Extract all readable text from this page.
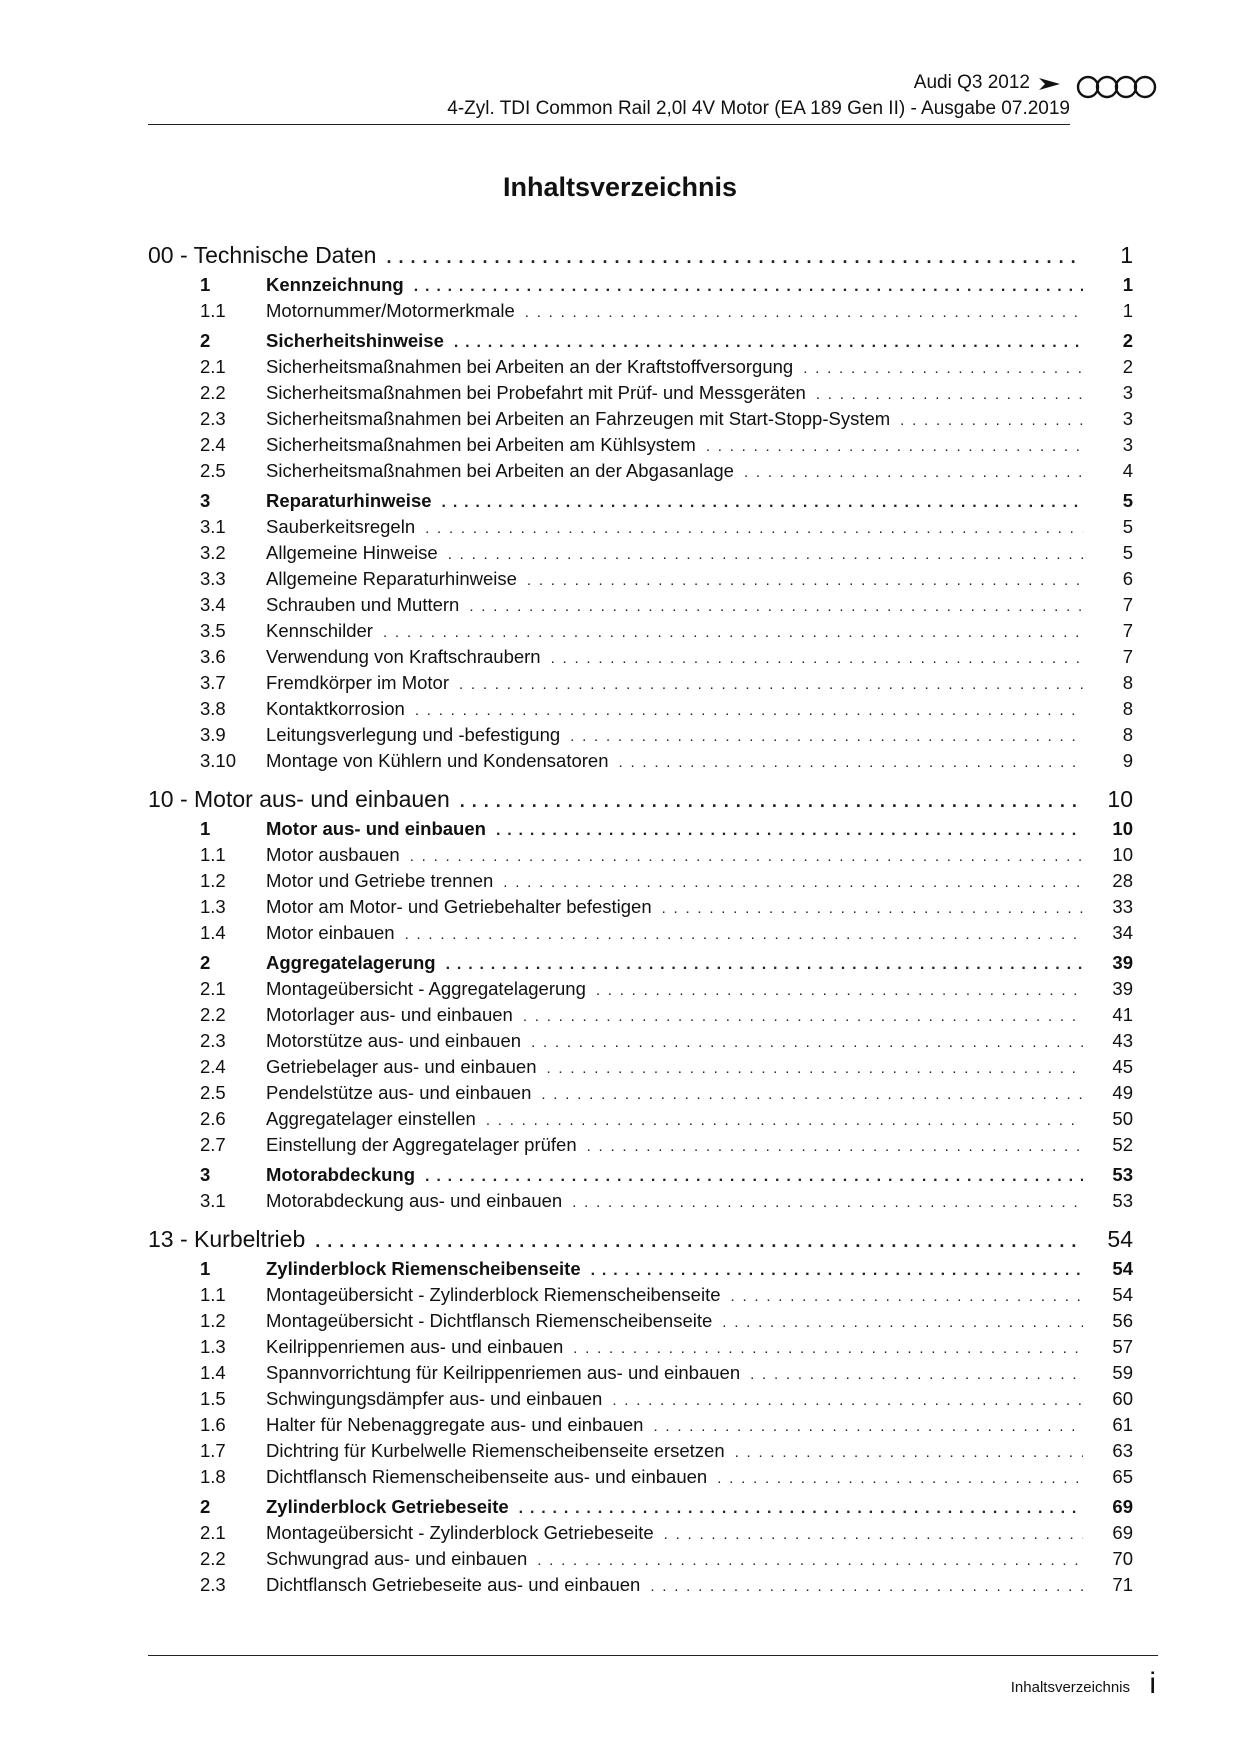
Audi Q3 2012
4-Zyl. TDI Common Rail 2,0l 4V Motor (EA 189 Gen II) - Ausgabe 07.2019
Inhaltsverzeichnis
00 - Technische Daten . . .	1
1	Kennzeichnung . . .	1
1.1	Motornummer/Motormerkmale . . .	1
2	Sicherheitshinweise . . .	2
2.1	Sicherheitsmaßnahmen bei Arbeiten an der Kraftstoffversorgung . . .	2
2.2	Sicherheitsmaßnahmen bei Probefahrt mit Prüf- und Messgeräten . . .	3
2.3	Sicherheitsmaßnahmen bei Arbeiten an Fahrzeugen mit Start-Stopp-System . . .	3
2.4	Sicherheitsmaßnahmen bei Arbeiten am Kühlsystem . . .	3
2.5	Sicherheitsmaßnahmen bei Arbeiten an der Abgasanlage . . .	4
3	Reparaturhinweise . . .	5
3.1	Sauberkeitsregeln . . .	5
3.2	Allgemeine Hinweise . . .	5
3.3	Allgemeine Reparaturhinweise . . .	6
3.4	Schrauben und Muttern . . .	7
3.5	Kennschilder . . .	7
3.6	Verwendung von Kraftschraubern . . .	7
3.7	Fremdkörper im Motor . . .	8
3.8	Kontaktkorrosion . . .	8
3.9	Leitungsverlegung und -befestigung . . .	8
3.10	Montage von Kühlern und Kondensatoren . . .	9
10 - Motor aus- und einbauen . . .	10
1	Motor aus- und einbauen . . .	10
1.1	Motor ausbauen . . .	10
1.2	Motor und Getriebe trennen . . .	28
1.3	Motor am Motor- und Getriebehalter befestigen . . .	33
1.4	Motor einbauen . . .	34
2	Aggregatelagerung . . .	39
2.1	Montageübersicht - Aggregatelagerung . . .	39
2.2	Motorlager aus- und einbauen . . .	41
2.3	Motorstütze aus- und einbauen . . .	43
2.4	Getriebelager aus- und einbauen . . .	45
2.5	Pendelstütze aus- und einbauen . . .	49
2.6	Aggregatelager einstellen . . .	50
2.7	Einstellung der Aggregatelager prüfen . . .	52
3	Motorabdeckung . . .	53
3.1	Motorabdeckung aus- und einbauen . . .	53
13 - Kurbeltrieb . . .	54
1	Zylinderblock Riemenscheibenseite . . .	54
1.1	Montageübersicht - Zylinderblock Riemenscheibenseite . . .	54
1.2	Montageübersicht - Dichtflansch Riemenscheibenseite . . .	56
1.3	Keilrippenriemen aus- und einbauen . . .	57
1.4	Spannvorrichtung für Keilrippenriemen aus- und einbauen . . .	59
1.5	Schwingungsdämpfer aus- und einbauen . . .	60
1.6	Halter für Nebenaggregate aus- und einbauen . . .	61
1.7	Dichtring für Kurbelwelle Riemenscheibenseite ersetzen . . .	63
1.8	Dichtflansch Riemenscheibenseite aus- und einbauen . . .	65
2	Zylinderblock Getriebeseite . . .	69
2.1	Montageübersicht - Zylinderblock Getriebeseite . . .	69
2.2	Schwungrad aus- und einbauen . . .	70
2.3	Dichtflansch Getriebeseite aus- und einbauen . . .	71
Inhaltsverzeichnis i
